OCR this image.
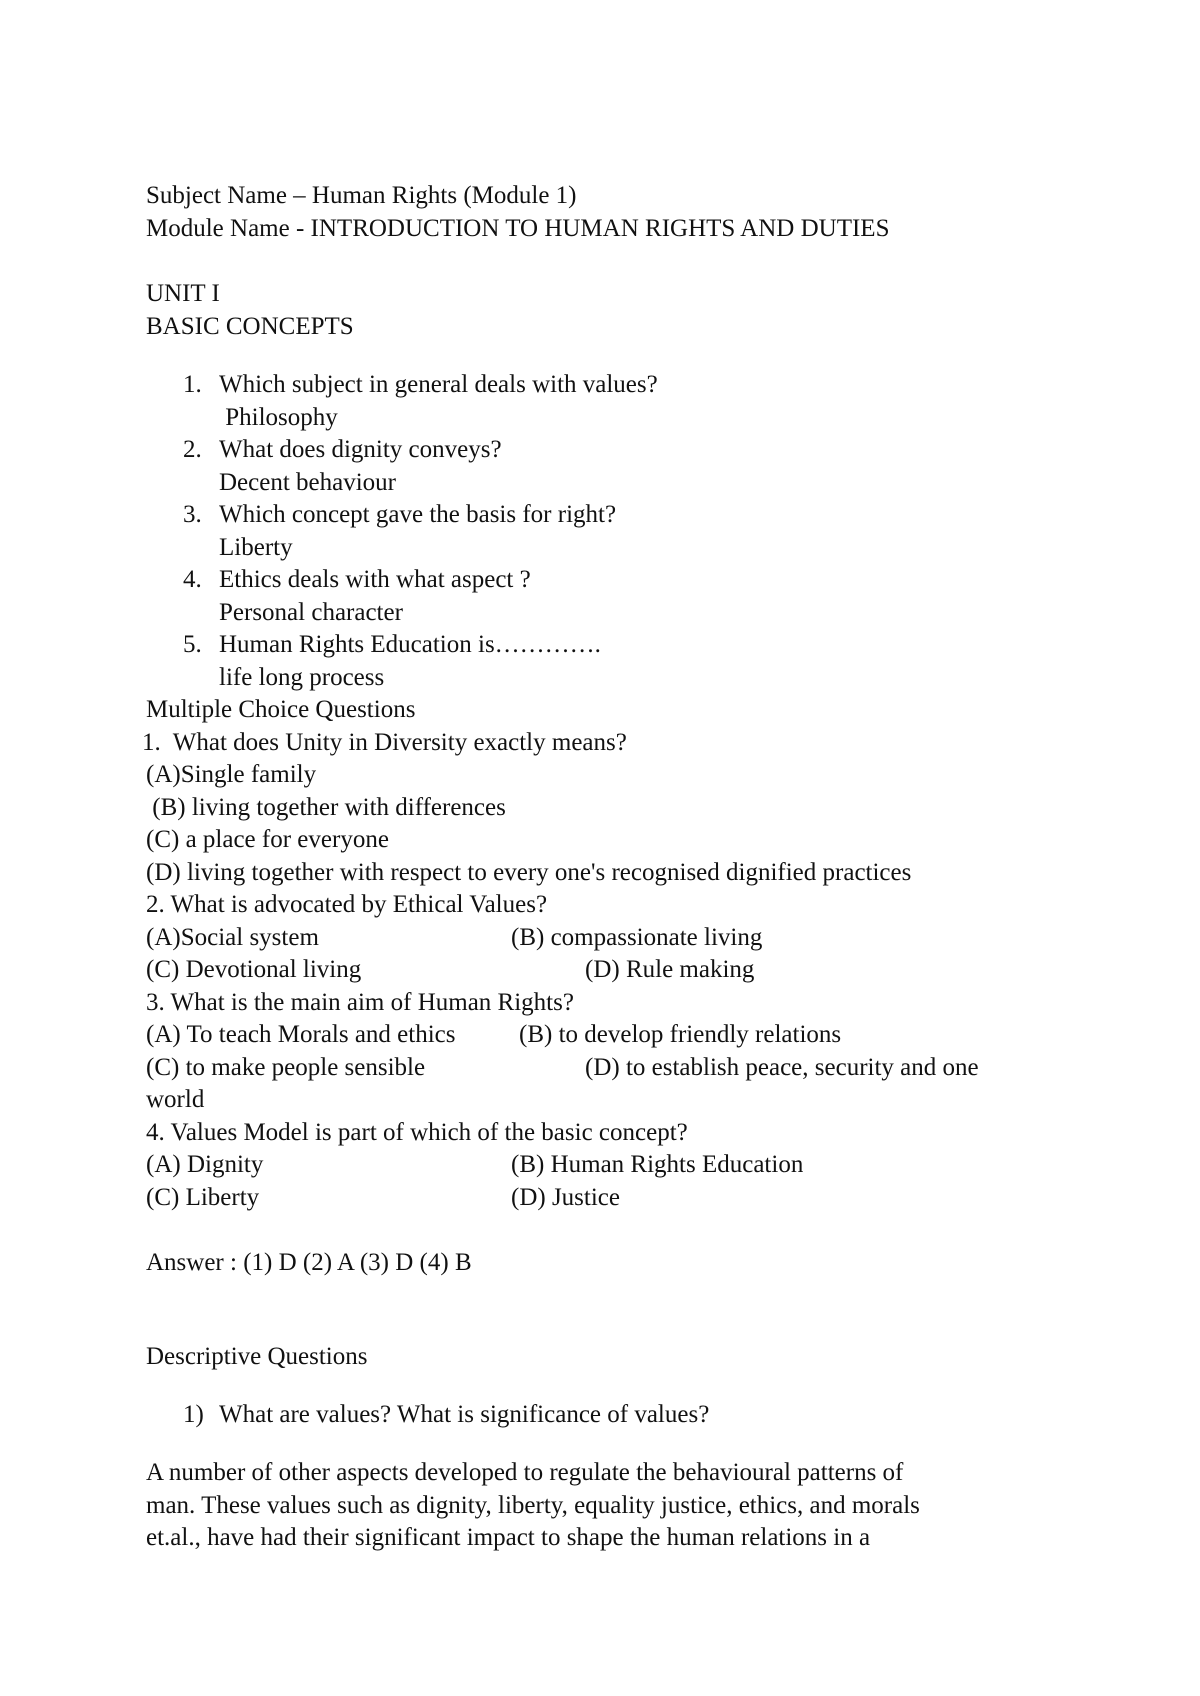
Subject Name – Human Rights (Module 1)
Module Name - INTRODUCTION TO HUMAN RIGHTS AND DUTIES
UNIT I
BASIC CONCEPTS
1. Which subject in general deals with values?
Philosophy
2. What does dignity conveys?
Decent behaviour
3. Which concept gave the basis for right?
Liberty
4. Ethics deals with what aspect ?
Personal character
5. Human Rights Education is………….
life long process
Multiple Choice Questions
1.  What does Unity in Diversity exactly means?
(A)Single family
(B) living together with differences
(C) a place for everyone
(D) living together with respect to every one's recognised dignified practices
2. What is advocated by Ethical Values?
(A)Social system	(B) compassionate living
(C) Devotional living	(D) Rule making
3. What is the main aim of Human Rights?
(A) To teach Morals and ethics	(B) to develop friendly relations
(C) to make people sensible	(D) to establish peace, security and one
world
4. Values Model is part of which of the basic concept?
(A) Dignity	(B) Human Rights Education
(C) Liberty	(D) Justice
Answer : (1) D (2) A (3) D (4) B
Descriptive Questions
1) What are values? What is significance of values?
A number of other aspects developed to regulate the behavioural patterns of
man. These values such as dignity, liberty, equality justice, ethics, and morals
et.al., have had their significant impact to shape the human relations in a
